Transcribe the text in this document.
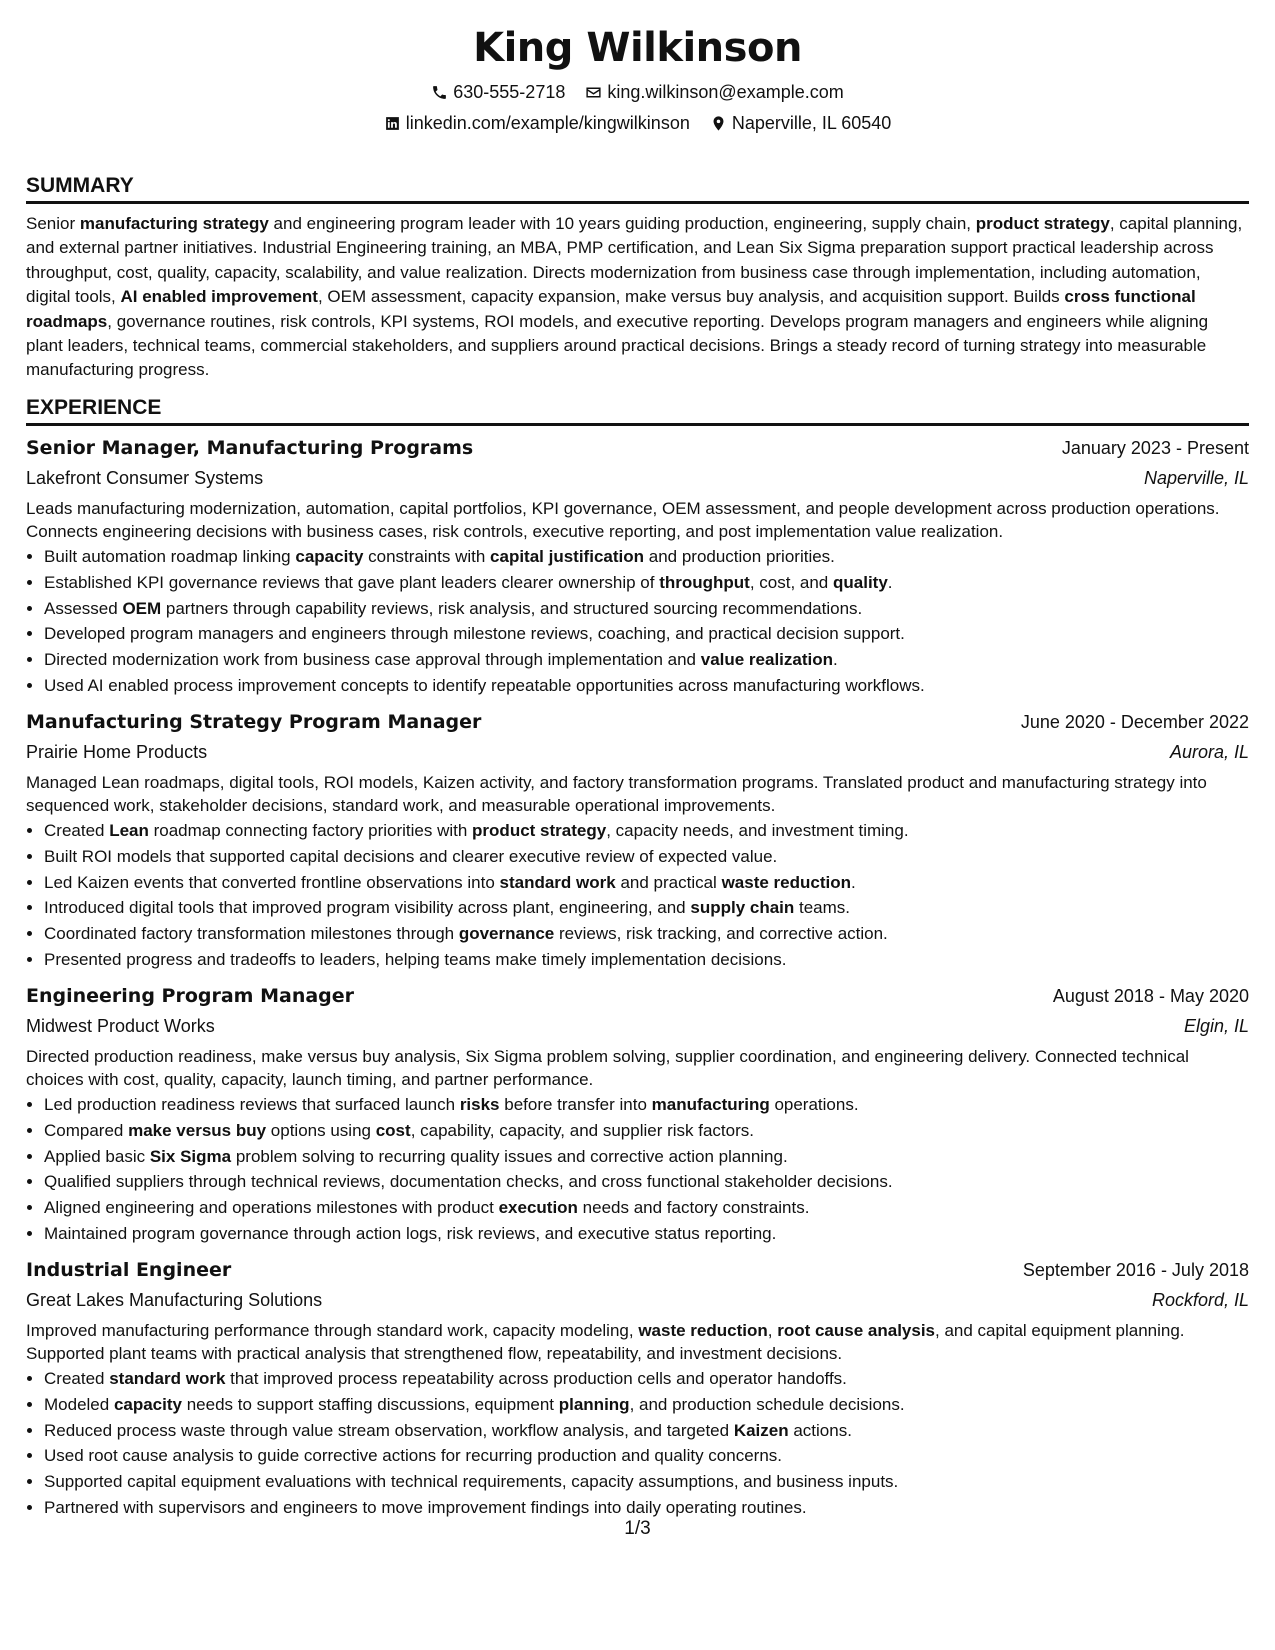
King Wilkinson
630-555-2718 king.wilkinson@example.com
linkedin.com/example/kingwilkinson Naperville, IL 60540
SUMMARY

Senior manufacturing strategy and engineering program leader with 10 years guiding production, engineering, supply chain, product strategy, capital planning, and external partner initiatives. Industrial Engineering training, an MBA, PMP certification, and Lean Six Sigma preparation support practical leadership across throughput, cost, quality, capacity, scalability, and value realization. Directs modernization from business case through implementation, including automation, digital tools, AI enabled improvement, OEM assessment, capacity expansion, make versus buy analysis, and acquisition support. Builds cross functional roadmaps, governance routines, risk controls, KPI systems, ROI models, and executive reporting. Develops program managers and engineers while aligning plant leaders, technical teams, commercial stakeholders, and suppliers around practical decisions. Brings a steady record of turning strategy into measurable manufacturing progress.

EXPERIENCE
Senior Manager, Manufacturing Programs	January 2023 - Present
Lakefront Consumer Systems	Naperville, IL

Leads manufacturing modernization, automation, capital portfolios, KPI governance, OEM assessment, and people development across production operations. Connects engineering decisions with business cases, risk controls, executive reporting, and post implementation value realization.

• Built automation roadmap linking capacity constraints with capital justification and production priorities.
• Established KPI governance reviews that gave plant leaders clearer ownership of throughput, cost, and quality.
• Assessed OEM partners through capability reviews, risk analysis, and structured sourcing recommendations.
• Developed program managers and engineers through milestone reviews, coaching, and practical decision support.
• Directed modernization work from business case approval through implementation and value realization.
• Used AI enabled process improvement concepts to identify repeatable opportunities across manufacturing workflows.
Manufacturing Strategy Program Manager	June 2020 - December 2022
Prairie Home Products	Aurora, IL

Managed Lean roadmaps, digital tools, ROI models, Kaizen activity, and factory transformation programs. Translated product and manufacturing strategy into sequenced work, stakeholder decisions, standard work, and measurable operational improvements.

• Created Lean roadmap connecting factory priorities with product strategy, capacity needs, and investment timing.
• Built ROI models that supported capital decisions and clearer executive review of expected value.
• Led Kaizen events that converted frontline observations into standard work and practical waste reduction.
• Introduced digital tools that improved program visibility across plant, engineering, and supply chain teams.
• Coordinated factory transformation milestones through governance reviews, risk tracking, and corrective action.
• Presented progress and tradeoffs to leaders, helping teams make timely implementation decisions.
Engineering Program Manager	August 2018 - May 2020
Midwest Product Works	Elgin, IL

Directed production readiness, make versus buy analysis, Six Sigma problem solving, supplier coordination, and engineering delivery. Connected technical choices with cost, quality, capacity, launch timing, and partner performance.

• Led production readiness reviews that surfaced launch risks before transfer into manufacturing operations.
• Compared make versus buy options using cost, capability, capacity, and supplier risk factors.
• Applied basic Six Sigma problem solving to recurring quality issues and corrective action planning.
• Qualified suppliers through technical reviews, documentation checks, and cross functional stakeholder decisions.
• Aligned engineering and operations milestones with product execution needs and factory constraints.
• Maintained program governance through action logs, risk reviews, and executive status reporting.
Industrial Engineer	September 2016 - July 2018
Great Lakes Manufacturing Solutions	Rockford, IL

Improved manufacturing performance through standard work, capacity modeling, waste reduction, root cause analysis, and capital equipment planning. Supported plant teams with practical analysis that strengthened flow, repeatability, and investment decisions.

• Created standard work that improved process repeatability across production cells and operator handoffs.
• Modeled capacity needs to support staffing discussions, equipment planning, and production schedule decisions.
• Reduced process waste through value stream observation, workflow analysis, and targeted Kaizen actions.
• Used root cause analysis to guide corrective actions for recurring production and quality concerns.
• Supported capital equipment evaluations with technical requirements, capacity assumptions, and business inputs.
• Partnered with supervisors and engineers to move improvement findings into daily operating routines.
1/3
